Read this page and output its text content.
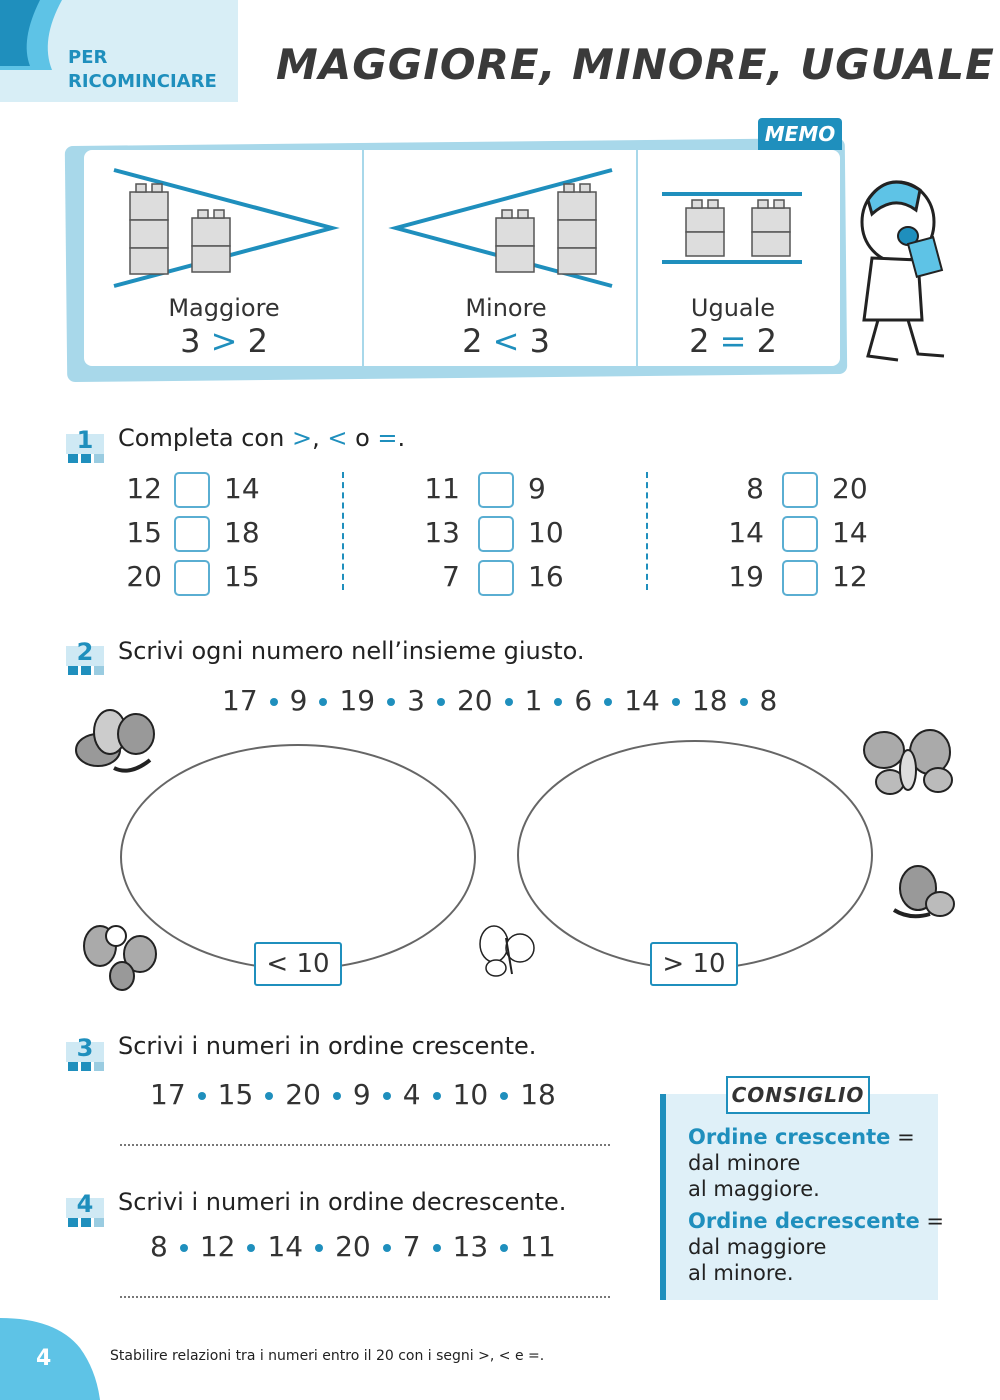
PER
RICOMINCIARE MAGGIORE, MINORE, UGUALE
MEMO
Maggiore
3 > 2
Minore
2 < 3
Uguale
2 = 2
1	Completa con >, < o =.
12 14
15 18
20 15
11 9
13 10
7 16
8 20
14 14
19 12
2	Scrivi ogni numero nell’insieme giusto.
17 9 19 3 20 1 6 14 18 8
< 10	> 10
3	Scrivi i numeri in ordine crescente.
17 15 20 9 4 10 18
4	Scrivi i numeri in ordine decrescente.
8 12 14 20 7 13 11
CONSIGLIO
Ordine crescente =
dal minore
al maggiore.
Ordine decrescente =
dal maggiore
al minore.
4	Stabilire relazioni tra i numeri entro il 20 con i segni >, < e =.
